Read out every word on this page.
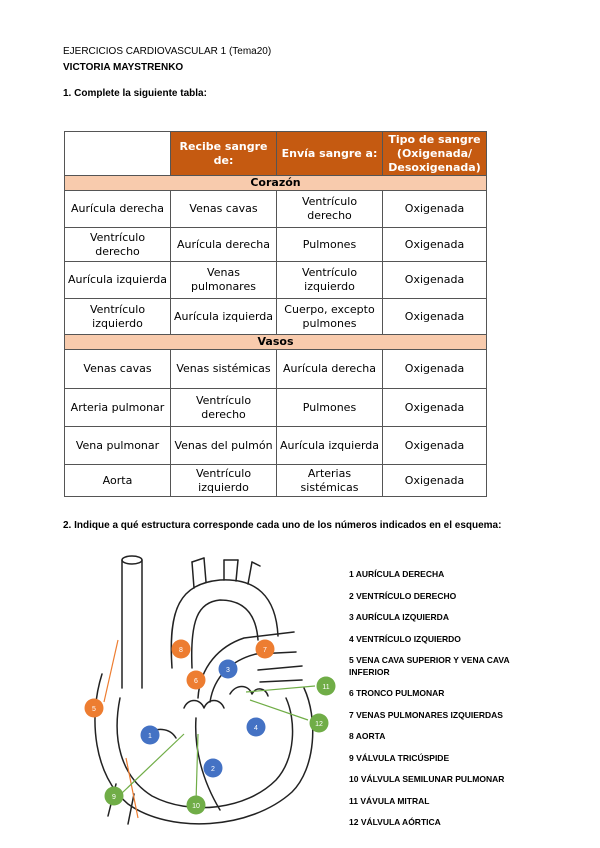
EJERCICIOS CARDIOVASCULAR 1 (Tema20)
VICTORIA MAYSTRENKO
1. Complete la siguiente tabla:
	Recibe sangre de:	Envía sangre a:	Tipo de sangre (Oxigenada/ Desoxigenada)
Corazón			
Aurícula derecha	Venas cavas	Ventrículo derecho	Oxigenada
Ventrículo derecho	Aurícula derecha	Pulmones	Oxigenada
Aurícula izquierda	Venas pulmonares	Ventrículo izquierdo	Oxigenada
Ventrículo izquierdo	Aurícula izquierda	Cuerpo, excepto pulmones	Oxigenada
Vasos			
Venas cavas	Venas sistémicas	Aurícula derecha	Oxigenada
Arteria pulmonar	Ventrículo derecho	Pulmones	Oxigenada
Vena pulmonar	Venas del pulmón	Aurícula izquierda	Oxigenada
Aorta	Ventrículo izquierdo	Arterias sistémicas	Oxigenada
2. Indique a qué estructura corresponde cada uno de los números indicados en el esquema:
1
2
3
4
5
6
7
8
9
10
11
12
1 AURÍCULA DERECHA
2 VENTRÍCULO DERECHO
3 AURÍCULA IZQUIERDA
4 VENTRÍCULO IZQUIERDO
5 VENA CAVA SUPERIOR Y VENA CAVA INFERIOR
6 TRONCO PULMONAR
7 VENAS PULMONARES IZQUIERDAS
8 AORTA
9 VÁLVULA TRICÚSPIDE
10 VÁLVULA SEMILUNAR PULMONAR
11 VÁVULA MITRAL
12 VÁLVULA AÓRTICA
